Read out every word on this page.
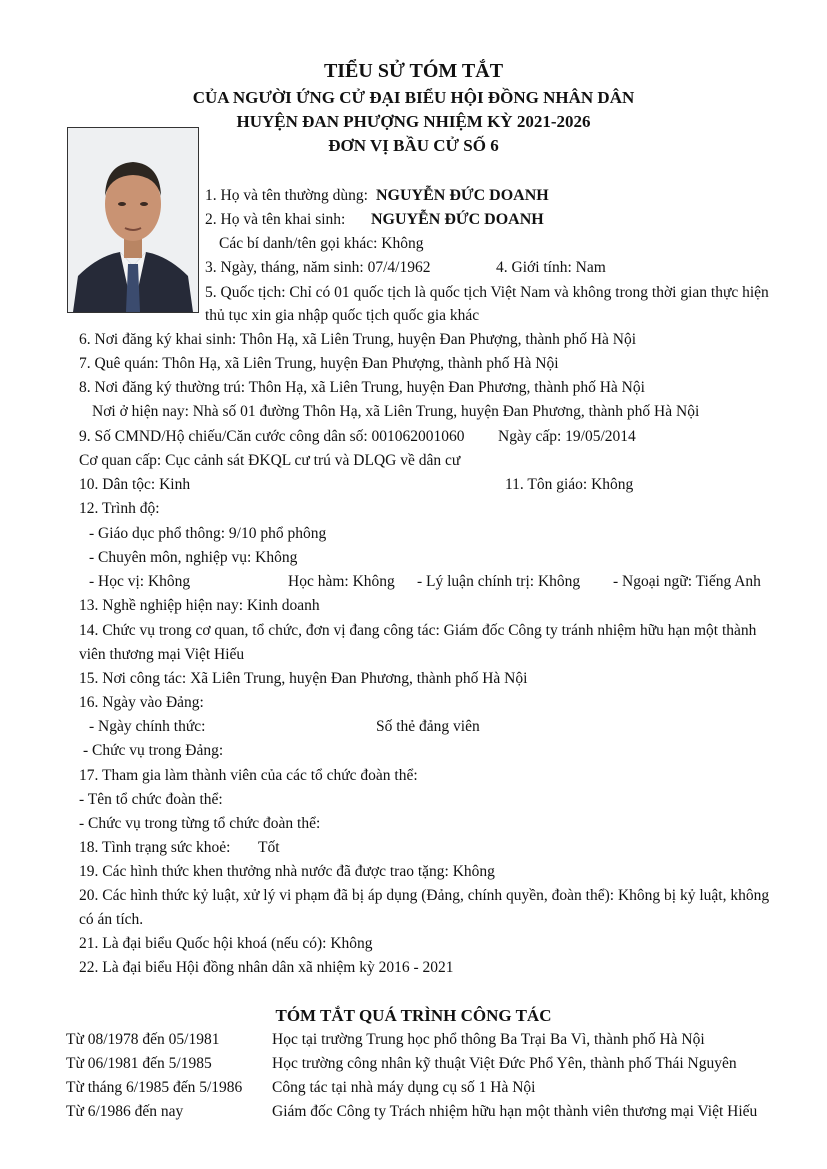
TIỂU SỬ TÓM TẮT
CỦA NGƯỜI ỨNG CỬ ĐẠI BIỂU HỘI ĐỒNG NHÂN DÂN
HUYỆN ĐAN PHƯỢNG NHIỆM KỲ 2021-2026
ĐƠN VỊ BẦU CỬ SỐ 6
1. Họ và tên thường dùng: NGUYỄN ĐỨC DOANH
2. Họ và tên khai sinh: NGUYỄN ĐỨC DOANH
Các bí danh/tên gọi khác: Không
3. Ngày, tháng, năm sinh: 07/4/1962	4. Giới tính: Nam
5. Quốc tịch: Chỉ có 01 quốc tịch là quốc tịch Việt Nam và không trong thời gian thực hiện
thủ tục xin gia nhập quốc tịch quốc gia khác
6. Nơi đăng ký khai sinh: Thôn Hạ, xã Liên Trung, huyện Đan Phượng, thành phố Hà Nội
7. Quê quán: Thôn Hạ, xã Liên Trung, huyện Đan Phượng, thành phố Hà Nội
8. Nơi đăng ký thường trú: Thôn Hạ, xã Liên Trung, huyện Đan Phương, thành phố Hà Nội
Nơi ở hiện nay: Nhà số 01 đường Thôn Hạ, xã Liên Trung, huyện Đan Phương, thành phố Hà Nội
9. Số CMND/Hộ chiếu/Căn cước công dân số: 001062001060 Ngày cấp: 19/05/2014
Cơ quan cấp: Cục cảnh sát ĐKQL cư trú và DLQG về dân cư
10. Dân tộc: Kinh	11. Tôn giáo: Không
12. Trình độ:
- Giáo dục phổ thông: 9/10 phổ phông
- Chuyên môn, nghiệp vụ: Không
- Học vị: Không	Học hàm: Không - Lý luận chính trị: Không - Ngoại ngữ: Tiếng Anh
13. Nghề nghiệp hiện nay: Kinh doanh
14. Chức vụ trong cơ quan, tổ chức, đơn vị đang công tác: Giám đốc Công ty tránh nhiệm hữu hạn một thành
viên thương mại Việt Hiếu
15. Nơi công tác: Xã Liên Trung, huyện Đan Phương, thành phố Hà Nội
16. Ngày vào Đảng:
- Ngày chính thức:	Số thẻ đảng viên
- Chức vụ trong Đảng:
17. Tham gia làm thành viên của các tổ chức đoàn thể:
- Tên tổ chức đoàn thể:
- Chức vụ trong từng tổ chức đoàn thể:
18. Tình trạng sức khoẻ: Tốt
19. Các hình thức khen thưởng nhà nước đã được trao tặng: Không
20. Các hình thức kỷ luật, xử lý vi phạm đã bị áp dụng (Đảng, chính quyền, đoàn thể): Không bị kỷ luật, không
có án tích.
21. Là đại biểu Quốc hội khoá (nếu có): Không
22. Là đại biểu Hội đồng nhân dân xã nhiệm kỳ 2016 - 2021
TÓM TẮT QUÁ TRÌNH CÔNG TÁC
Từ 08/1978 đến 05/1981	Học tại trường Trung học phổ thông Ba Trại Ba Vì, thành phố Hà Nội
Từ 06/1981 đến 5/1985	Học trường công nhân kỹ thuật Việt Đức Phổ Yên, thành phố Thái Nguyên
Từ tháng 6/1985 đến 5/1986 Công tác tại nhà máy dụng cụ số 1 Hà Nội
Từ 6/1986 đến nay	Giám đốc Công ty Trách nhiệm hữu hạn một thành viên thương mại Việt Hiếu
